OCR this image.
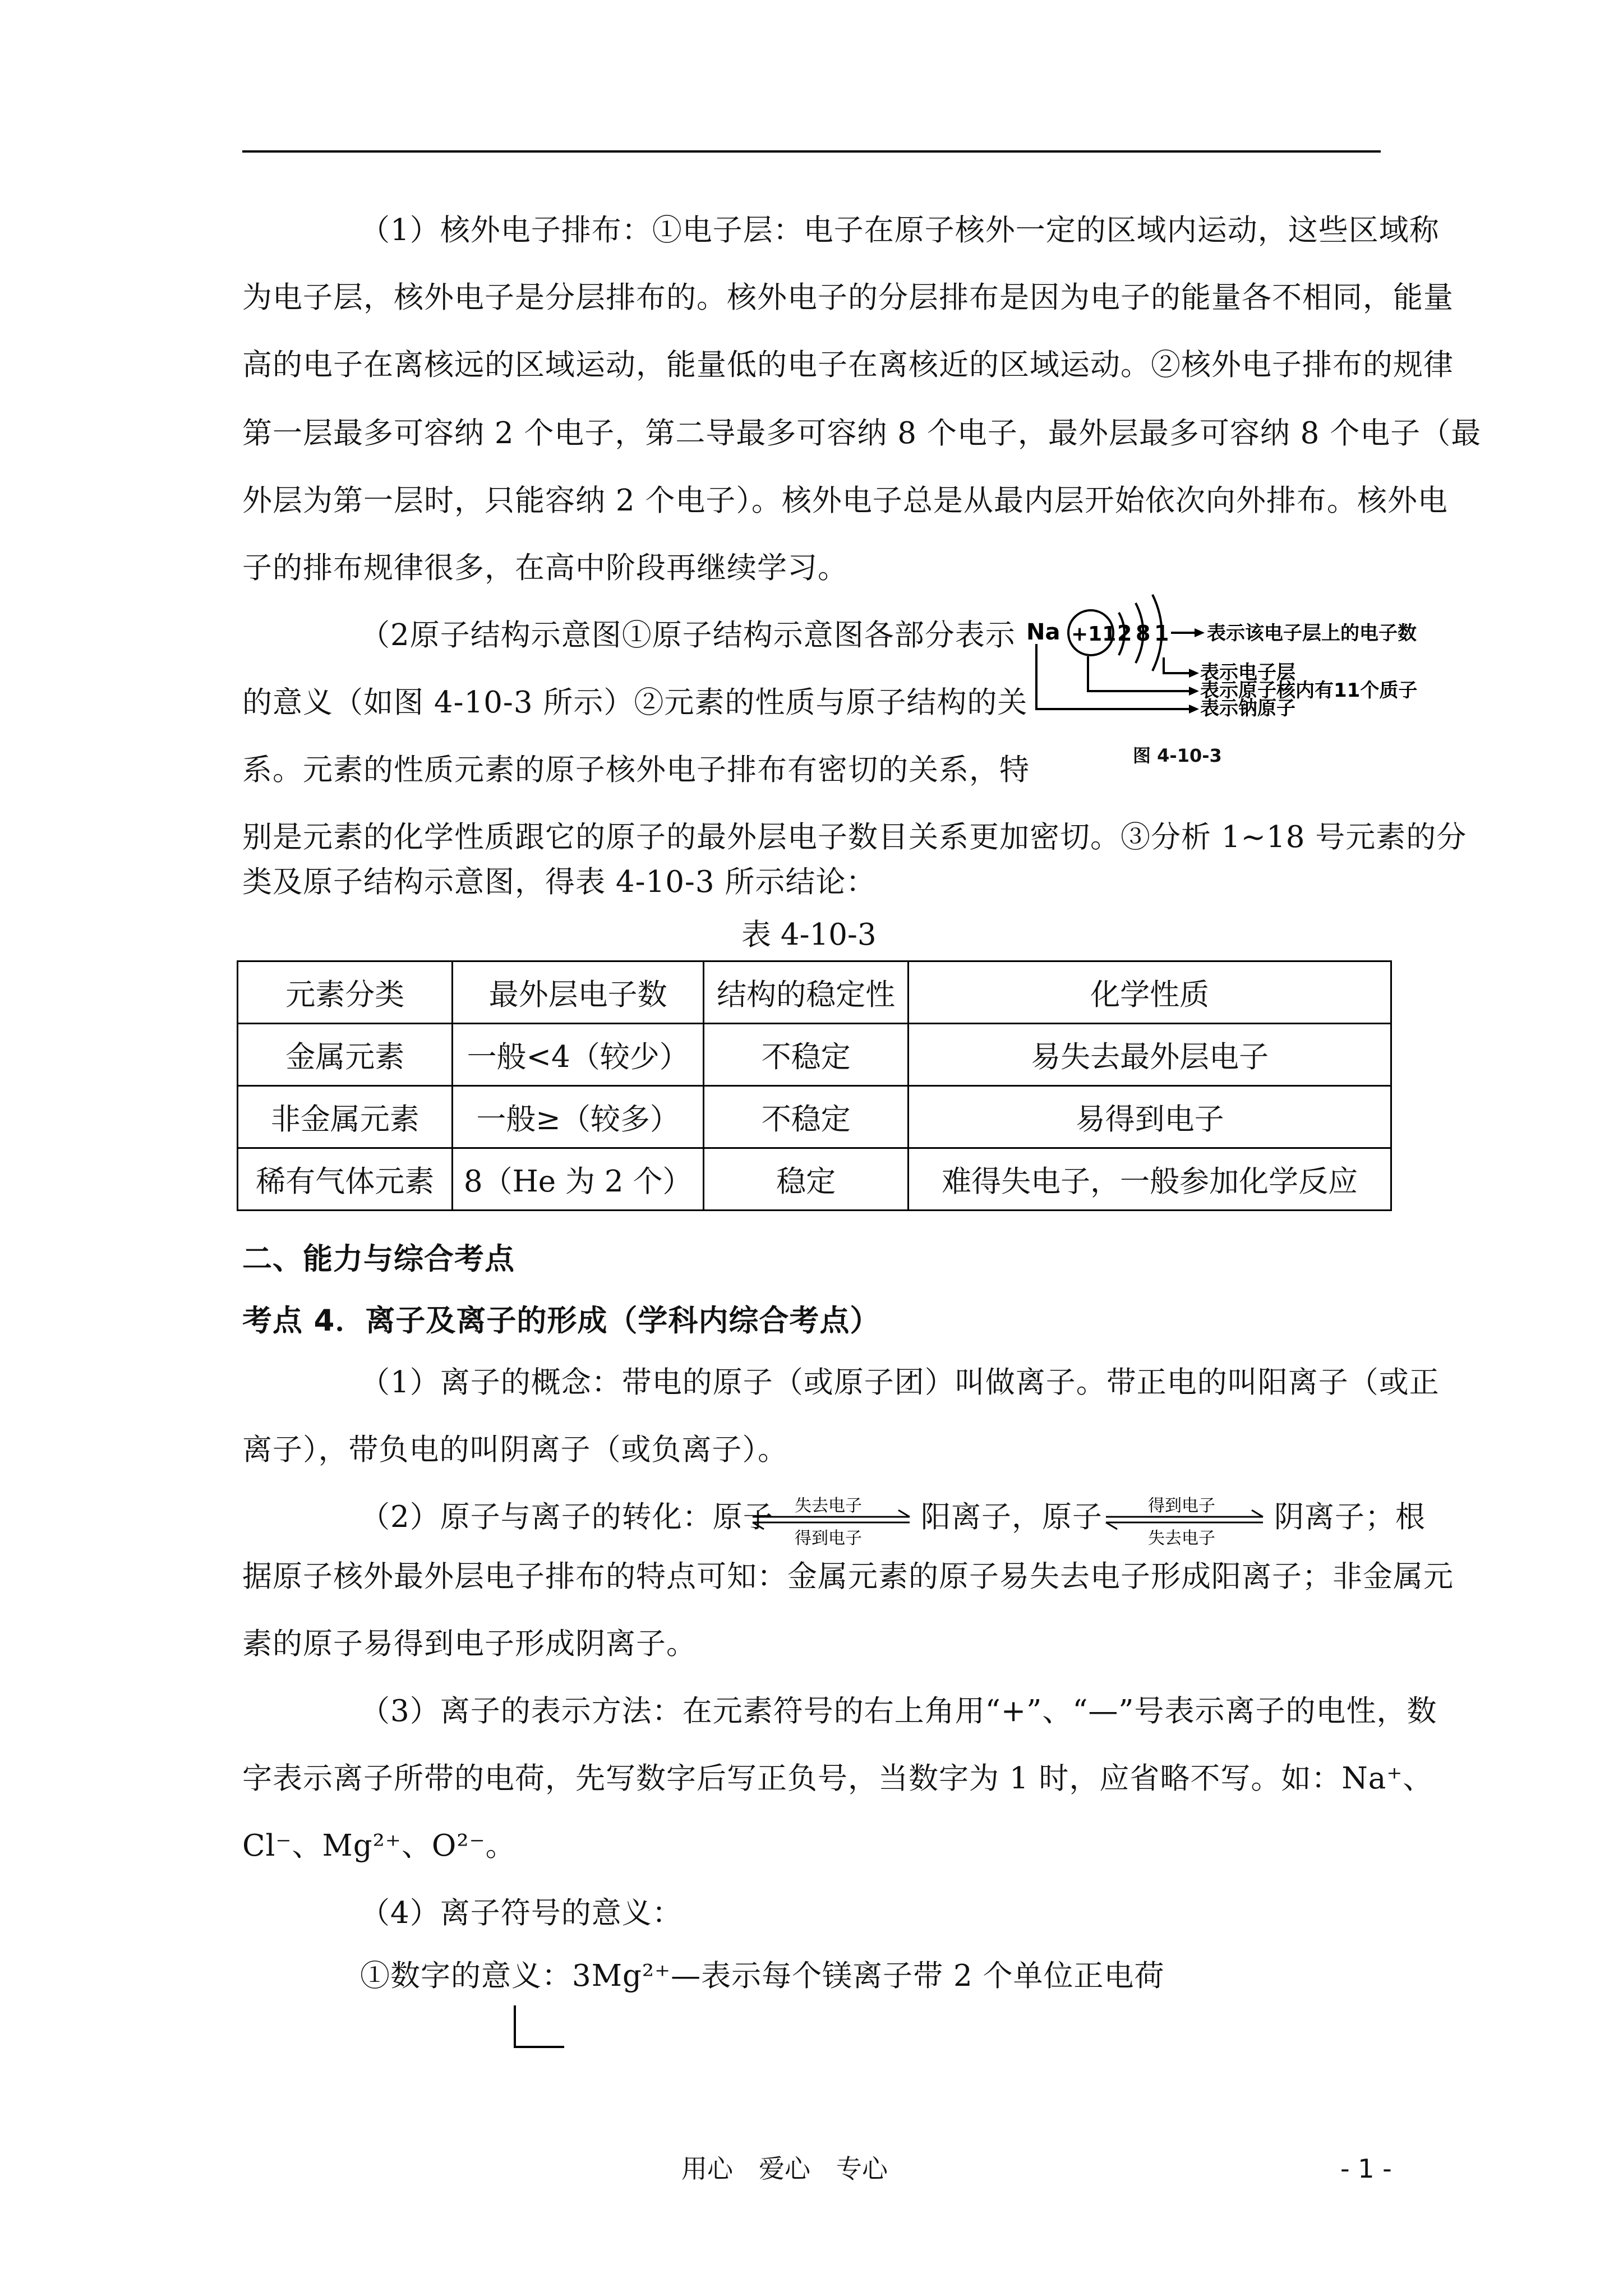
（1）核外电子排布：①电子层：电子在原子核外一定的区域内运动，这些区域称
为电子层，核外电子是分层排布的。核外电子的分层排布是因为电子的能量各不相同，能量
高的电子在离核远的区域运动，能量低的电子在离核近的区域运动。②核外电子排布的规律
第一层最多可容纳 2 个电子，第二导最多可容纳 8 个电子，最外层最多可容纳 8 个电子（最
外层为第一层时，只能容纳 2 个电子）。核外电子总是从最内层开始依次向外排布。核外电
子的排布规律很多，在高中阶段再继续学习。
（2原子结构示意图①原子结构示意图各部分表示
的意义（如图 4-10-3 所示）②元素的性质与原子结构的关
系。元素的性质元素的原子核外电子排布有密切的关系，特
别是元素的化学性质跟它的原子的最外层电子数目关系更加密切。③分析 1~18 号元素的分
类及原子结构示意图，得表 4-10-3 所示结论：
Na +11 2 8 1 表示该电子层上的电子数
表示电子层
表示原子核内有11个质子
表示钠原子
图 4-10-3
表 4-10-3
元素分类	最外层电子数	结构的稳定性	化学性质
金属元素	一般<4（较少）	不稳定	易失去最外层电子
非金属元素	一般≥（较多）	不稳定	易得到电子
稀有气体元素	8（He 为 2 个）	稳定	难得失电子，一般参加化学反应
二、能力与综合考点
考点 4．离子及离子的形成（学科内综合考点）
（1）离子的概念：带电的原子（或原子团）叫做离子。带正电的叫阳离子（或正
离子），带负电的叫阴离子（或负离子）。
（2）原子与离子的转化：原子 失去电子
得到电子
阳离子，原子	得到电子
失去电子
阴离子；根
据原子核外最外层电子排布的特点可知：金属元素的原子易失去电子形成阳离子；非金属元
素的原子易得到电子形成阴离子。
（3）离子的表示方法：在元素符号的右上角用“+”、“—”号表示离子的电性，数
字表示离子所带的电荷，先写数字后写正负号，当数字为 1 时，应省略不写。如：Na⁺、
Cl⁻、Mg²⁺、O²⁻。
（4）离子符号的意义：
①数字的意义：3Mg²⁺—表示每个镁离子带 2 个单位正电荷
用心　爱心　专心	- 1 -
